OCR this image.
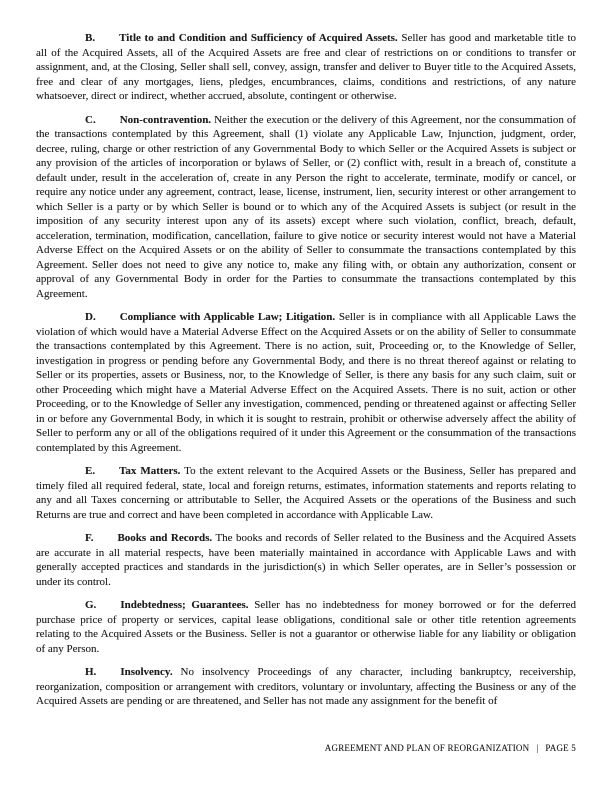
B. Title to and Condition and Sufficiency of Acquired Assets. Seller has good and marketable title to all of the Acquired Assets, all of the Acquired Assets are free and clear of restrictions on or conditions to transfer or assignment, and, at the Closing, Seller shall sell, convey, assign, transfer and deliver to Buyer title to the Acquired Assets, free and clear of any mortgages, liens, pledges, encumbrances, claims, conditions and restrictions, of any nature whatsoever, direct or indirect, whether accrued, absolute, contingent or otherwise.

C. Non-contravention. Neither the execution or the delivery of this Agreement, nor the consummation of the transactions contemplated by this Agreement, shall (1) violate any Applicable Law, Injunction, judgment, order, decree, ruling, charge or other restriction of any Governmental Body to which Seller or the Acquired Assets is subject or any provision of the articles of incorporation or bylaws of Seller, or (2) conflict with, result in a breach of, constitute a default under, result in the acceleration of, create in any Person the right to accelerate, terminate, modify or cancel, or require any notice under any agreement, contract, lease, license, instrument, lien, security interest or other arrangement to which Seller is a party or by which Seller is bound or to which any of the Acquired Assets is subject (or result in the imposition of any security interest upon any of its assets) except where such violation, conflict, breach, default, acceleration, termination, modification, cancellation, failure to give notice or security interest would not have a Material Adverse Effect on the Acquired Assets or on the ability of Seller to consummate the transactions contemplated by this Agreement. Seller does not need to give any notice to, make any filing with, or obtain any authorization, consent or approval of any Governmental Body in order for the Parties to consummate the transactions contemplated by this Agreement.

D. Compliance with Applicable Law; Litigation. Seller is in compliance with all Applicable Laws the violation of which would have a Material Adverse Effect on the Acquired Assets or on the ability of Seller to consummate the transactions contemplated by this Agreement. There is no action, suit, Proceeding or, to the Knowledge of Seller, investigation in progress or pending before any Governmental Body, and there is no threat thereof against or relating to Seller or its properties, assets or Business, nor, to the Knowledge of Seller, is there any basis for any such claim, suit or other Proceeding which might have a Material Adverse Effect on the Acquired Assets. There is no suit, action or other Proceeding, or to the Knowledge of Seller any investigation, commenced, pending or threatened against or affecting Seller in or before any Governmental Body, in which it is sought to restrain, prohibit or otherwise adversely affect the ability of Seller to perform any or all of the obligations required of it under this Agreement or the consummation of the transactions contemplated by this Agreement.

E. Tax Matters. To the extent relevant to the Acquired Assets or the Business, Seller has prepared and timely filed all required federal, state, local and foreign returns, estimates, information statements and reports relating to any and all Taxes concerning or attributable to Seller, the Acquired Assets or the operations of the Business and such Returns are true and correct and have been completed in accordance with Applicable Law.

F. Books and Records. The books and records of Seller related to the Business and the Acquired Assets are accurate in all material respects, have been materially maintained in accordance with Applicable Laws and with generally accepted practices and standards in the jurisdiction(s) in which Seller operates, are in Seller’s possession or under its control.

G. Indebtedness; Guarantees. Seller has no indebtedness for money borrowed or for the deferred purchase price of property or services, capital lease obligations, conditional sale or other title retention agreements relating to the Acquired Assets or the Business. Seller is not a guarantor or otherwise liable for any liability or obligation of any Person.

H. Insolvency. No insolvency Proceedings of any character, including bankruptcy, receivership, reorganization, composition or arrangement with creditors, voluntary or involuntary, affecting the Business or any of the Acquired Assets are pending or are threatened, and Seller has not made any assignment for the benefit of

AGREEMENT AND PLAN OF REORGANIZATION | PAGE 5
